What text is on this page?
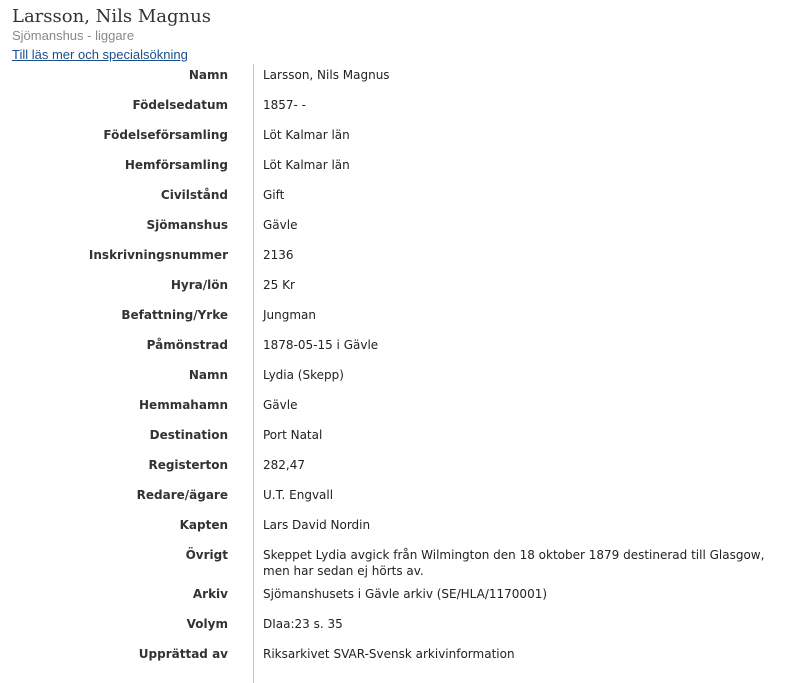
Larsson, Nils Magnus
Sjömanshus - liggare
Till läs mer och specialsökning
Namn	Larsson, Nils Magnus
Födelsedatum	1857- -
Födelseförsamling	Löt Kalmar län
Hemförsamling	Löt Kalmar län
Civilstånd	Gift
Sjömanshus	Gävle
Inskrivningsnummer	2136
Hyra/lön	25 Kr
Befattning/Yrke	Jungman
Påmönstrad	1878-05-15 i Gävle
Namn	Lydia (Skepp)
Hemmahamn	Gävle
Destination	Port Natal
Registerton	282,47
Redare/ägare	U.T. Engvall
Kapten	Lars David Nordin
Övrigt	Skeppet Lydia avgick från Wilmington den 18 oktober 1879 destinerad till Glasgow, men har sedan ej hörts av.
Arkiv	Sjömanshusets i Gävle arkiv (SE/HLA/1170001)
Volym	DIaa:23 s. 35
Upprättad av	Riksarkivet SVAR-Svensk arkivinformation
